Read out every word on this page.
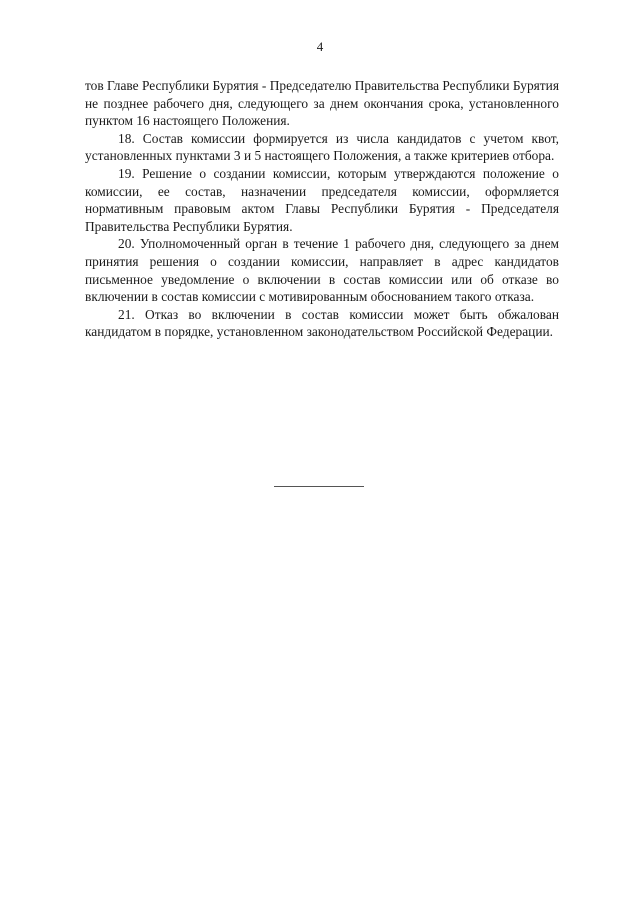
4

тов Главе Республики Бурятия - Председателю Правительства Республики Бурятия не позднее рабочего дня, следующего за днем окончания срока, установленного пунктом 16 настоящего Положения.

18. Состав комиссии формируется из числа кандидатов с учетом квот, установленных пунктами 3 и 5 настоящего Положения, а также критериев отбора.

19. Решение о создании комиссии, которым утверждаются положение о комиссии, ее состав, назначении председателя комиссии, оформляется нормативным правовым актом Главы Республики Бурятия - Председателя Правительства Республики Бурятия.

20. Уполномоченный орган в течение 1 рабочего дня, следующего за днем принятия решения о создании комиссии, направляет в адрес кандидатов письменное уведомление о включении в состав комиссии или об отказе во включении в состав комиссии с мотивированным обоснованием такого отказа.

21. Отказ во включении в состав комиссии может быть обжалован кандидатом в порядке, установленном законодательством Российской Федерации.
